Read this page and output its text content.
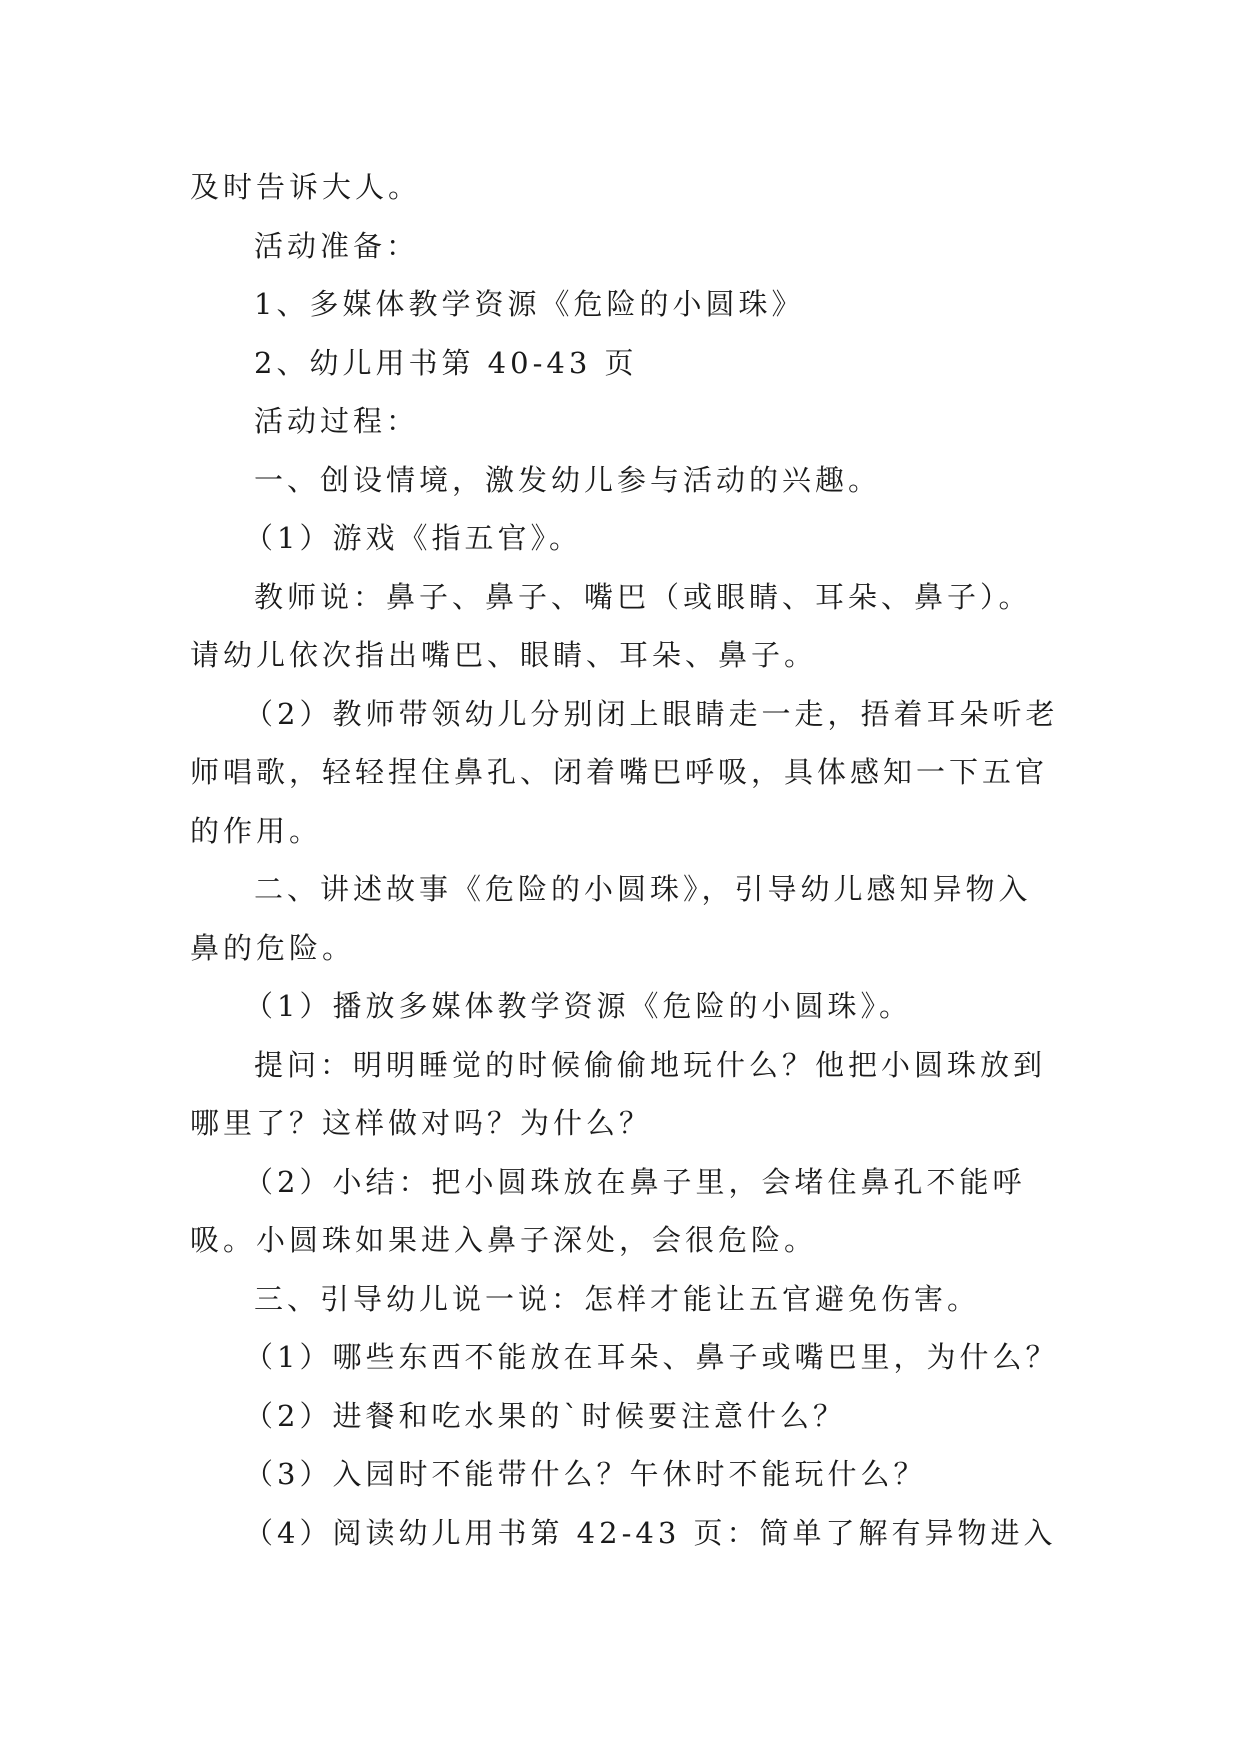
及时告诉大人。

活动准备：

1、多媒体教学资源《危险的小圆珠》

2、幼儿用书第 40-43 页

活动过程：

一、创设情境，激发幼儿参与活动的兴趣。

（1）游戏《指五官》。

教师说：鼻子、鼻子、嘴巴（或眼睛、耳朵、鼻子）。请幼儿依次指出嘴巴、眼睛、耳朵、鼻子。

（2）教师带领幼儿分别闭上眼睛走一走，捂着耳朵听老师唱歌，轻轻捏住鼻孔、闭着嘴巴呼吸，具体感知一下五官的作用。

二、讲述故事《危险的小圆珠》，引导幼儿感知异物入鼻的危险。

（1）播放多媒体教学资源《危险的小圆珠》。

提问：明明睡觉的时候偷偷地玩什么？他把小圆珠放到哪里了？这样做对吗？为什么？

（2）小结：把小圆珠放在鼻子里，会堵住鼻孔不能呼吸。小圆珠如果进入鼻子深处，会很危险。

三、引导幼儿说一说：怎样才能让五官避免伤害。

（1）哪些东西不能放在耳朵、鼻子或嘴巴里，为什么？

（2）进餐和吃水果的`时候要注意什么？

（3）入园时不能带什么？午休时不能玩什么？

（4）阅读幼儿用书第 42-43 页：简单了解有异物进入
